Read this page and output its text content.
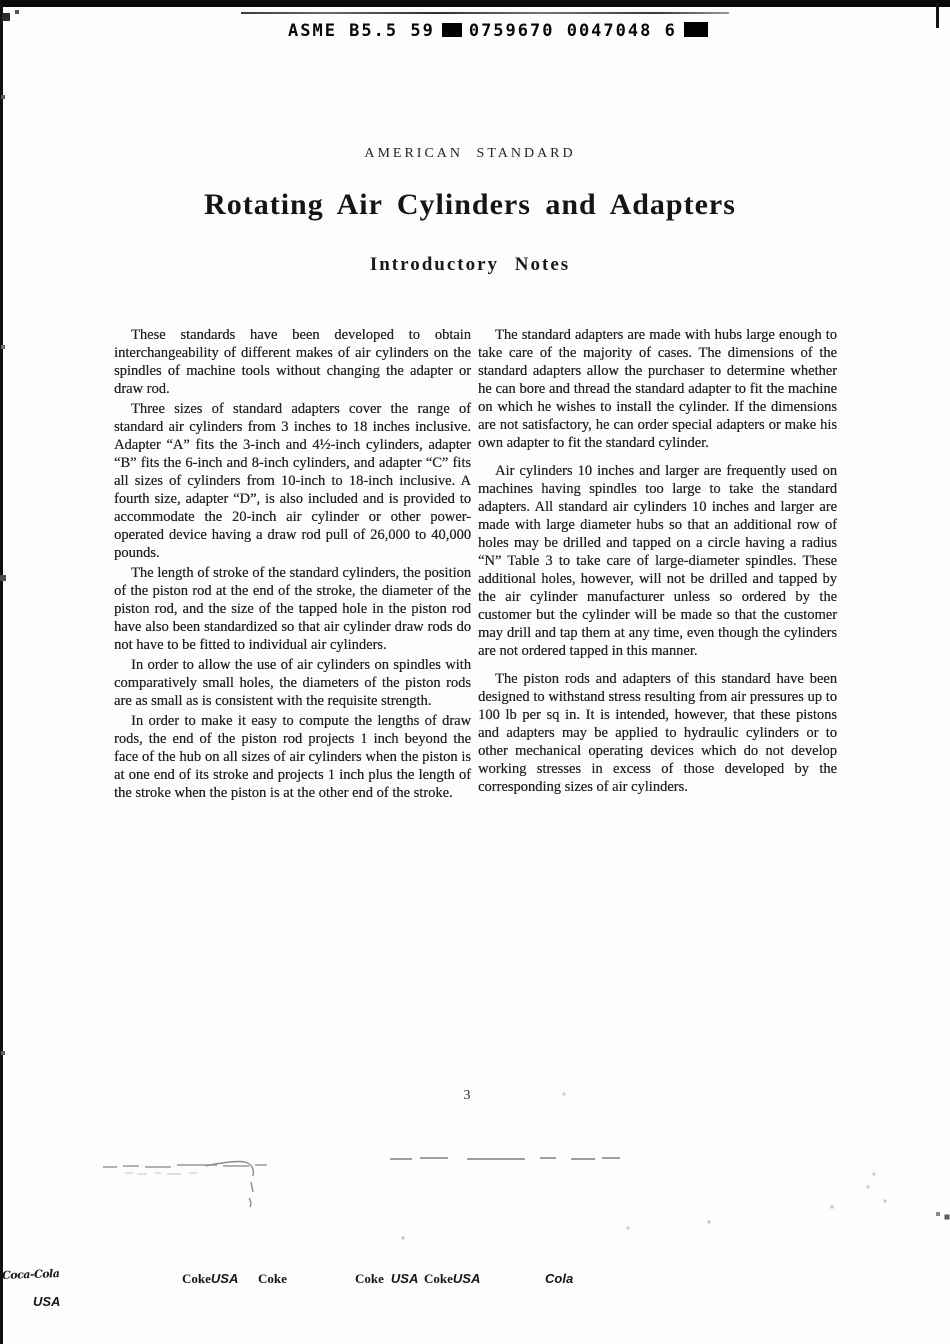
ASME B5.5 59 0759670 0047048 6
AMERICAN STANDARD
Rotating Air Cylinders and Adapters
Introductory Notes

These standards have been developed to obtain interchangeability of different makes of air cylinders on the spindles of machine tools without changing the adapter or draw rod.

Three sizes of standard adapters cover the range of standard air cylinders from 3 inches to 18 inches inclusive. Adapter “A” fits the 3-inch and 4½-inch cylinders, adapter “B” fits the 6-inch and 8-inch cylinders, and adapter “C” fits all sizes of cylinders from 10-inch to 18-inch inclusive. A fourth size, adapter “D”, is also included and is provided to accommodate the 20-inch air cylinder or other power-operated device having a draw rod pull of 26,000 to 40,000 pounds.

The length of stroke of the standard cylinders, the position of the piston rod at the end of the stroke, the diameter of the piston rod, and the size of the tapped hole in the piston rod have also been standardized so that air cylinder draw rods do not have to be fitted to individual air cylinders.

In order to allow the use of air cylinders on spindles with comparatively small holes, the diameters of the piston rods are as small as is consistent with the requisite strength.

In order to make it easy to compute the lengths of draw rods, the end of the piston rod projects 1 inch beyond the face of the hub on all sizes of air cylinders when the piston is at one end of its stroke and projects 1 inch plus the length of the stroke when the piston is at the other end of the stroke.

The standard adapters are made with hubs large enough to take care of the majority of cases. The dimensions of the standard adapters allow the purchaser to determine whether he can bore and thread the standard adapter to fit the machine on which he wishes to install the cylinder. If the dimensions are not satisfactory, he can order special adapters or make his own adapter to fit the standard cylinder.

Air cylinders 10 inches and larger are frequently used on machines having spindles too large to take the standard adapters. All standard air cylinders 10 inches and larger are made with large diameter hubs so that an additional row of holes may be drilled and tapped on a circle having a radius “N” Table 3 to take care of large-diameter spindles. These additional holes, however, will not be drilled and tapped by the air cylinder manufacturer unless so ordered by the customer but the cylinder will be made so that the customer may drill and tap them at any time, even though the cylinders are not ordered tapped in this manner.

The piston rods and adapters of this standard have been designed to withstand stress resulting from air pressures up to 100 lb per sq in. It is intended, however, that these pistons and adapters may be applied to hydraulic cylinders or to other mechanical operating devices which do not develop working stresses in excess of those developed by the corresponding sizes of air cylinders.

3
Coca-Cola
USA
CokeUSA Coke	Coke USA CokeUSA	Cola
